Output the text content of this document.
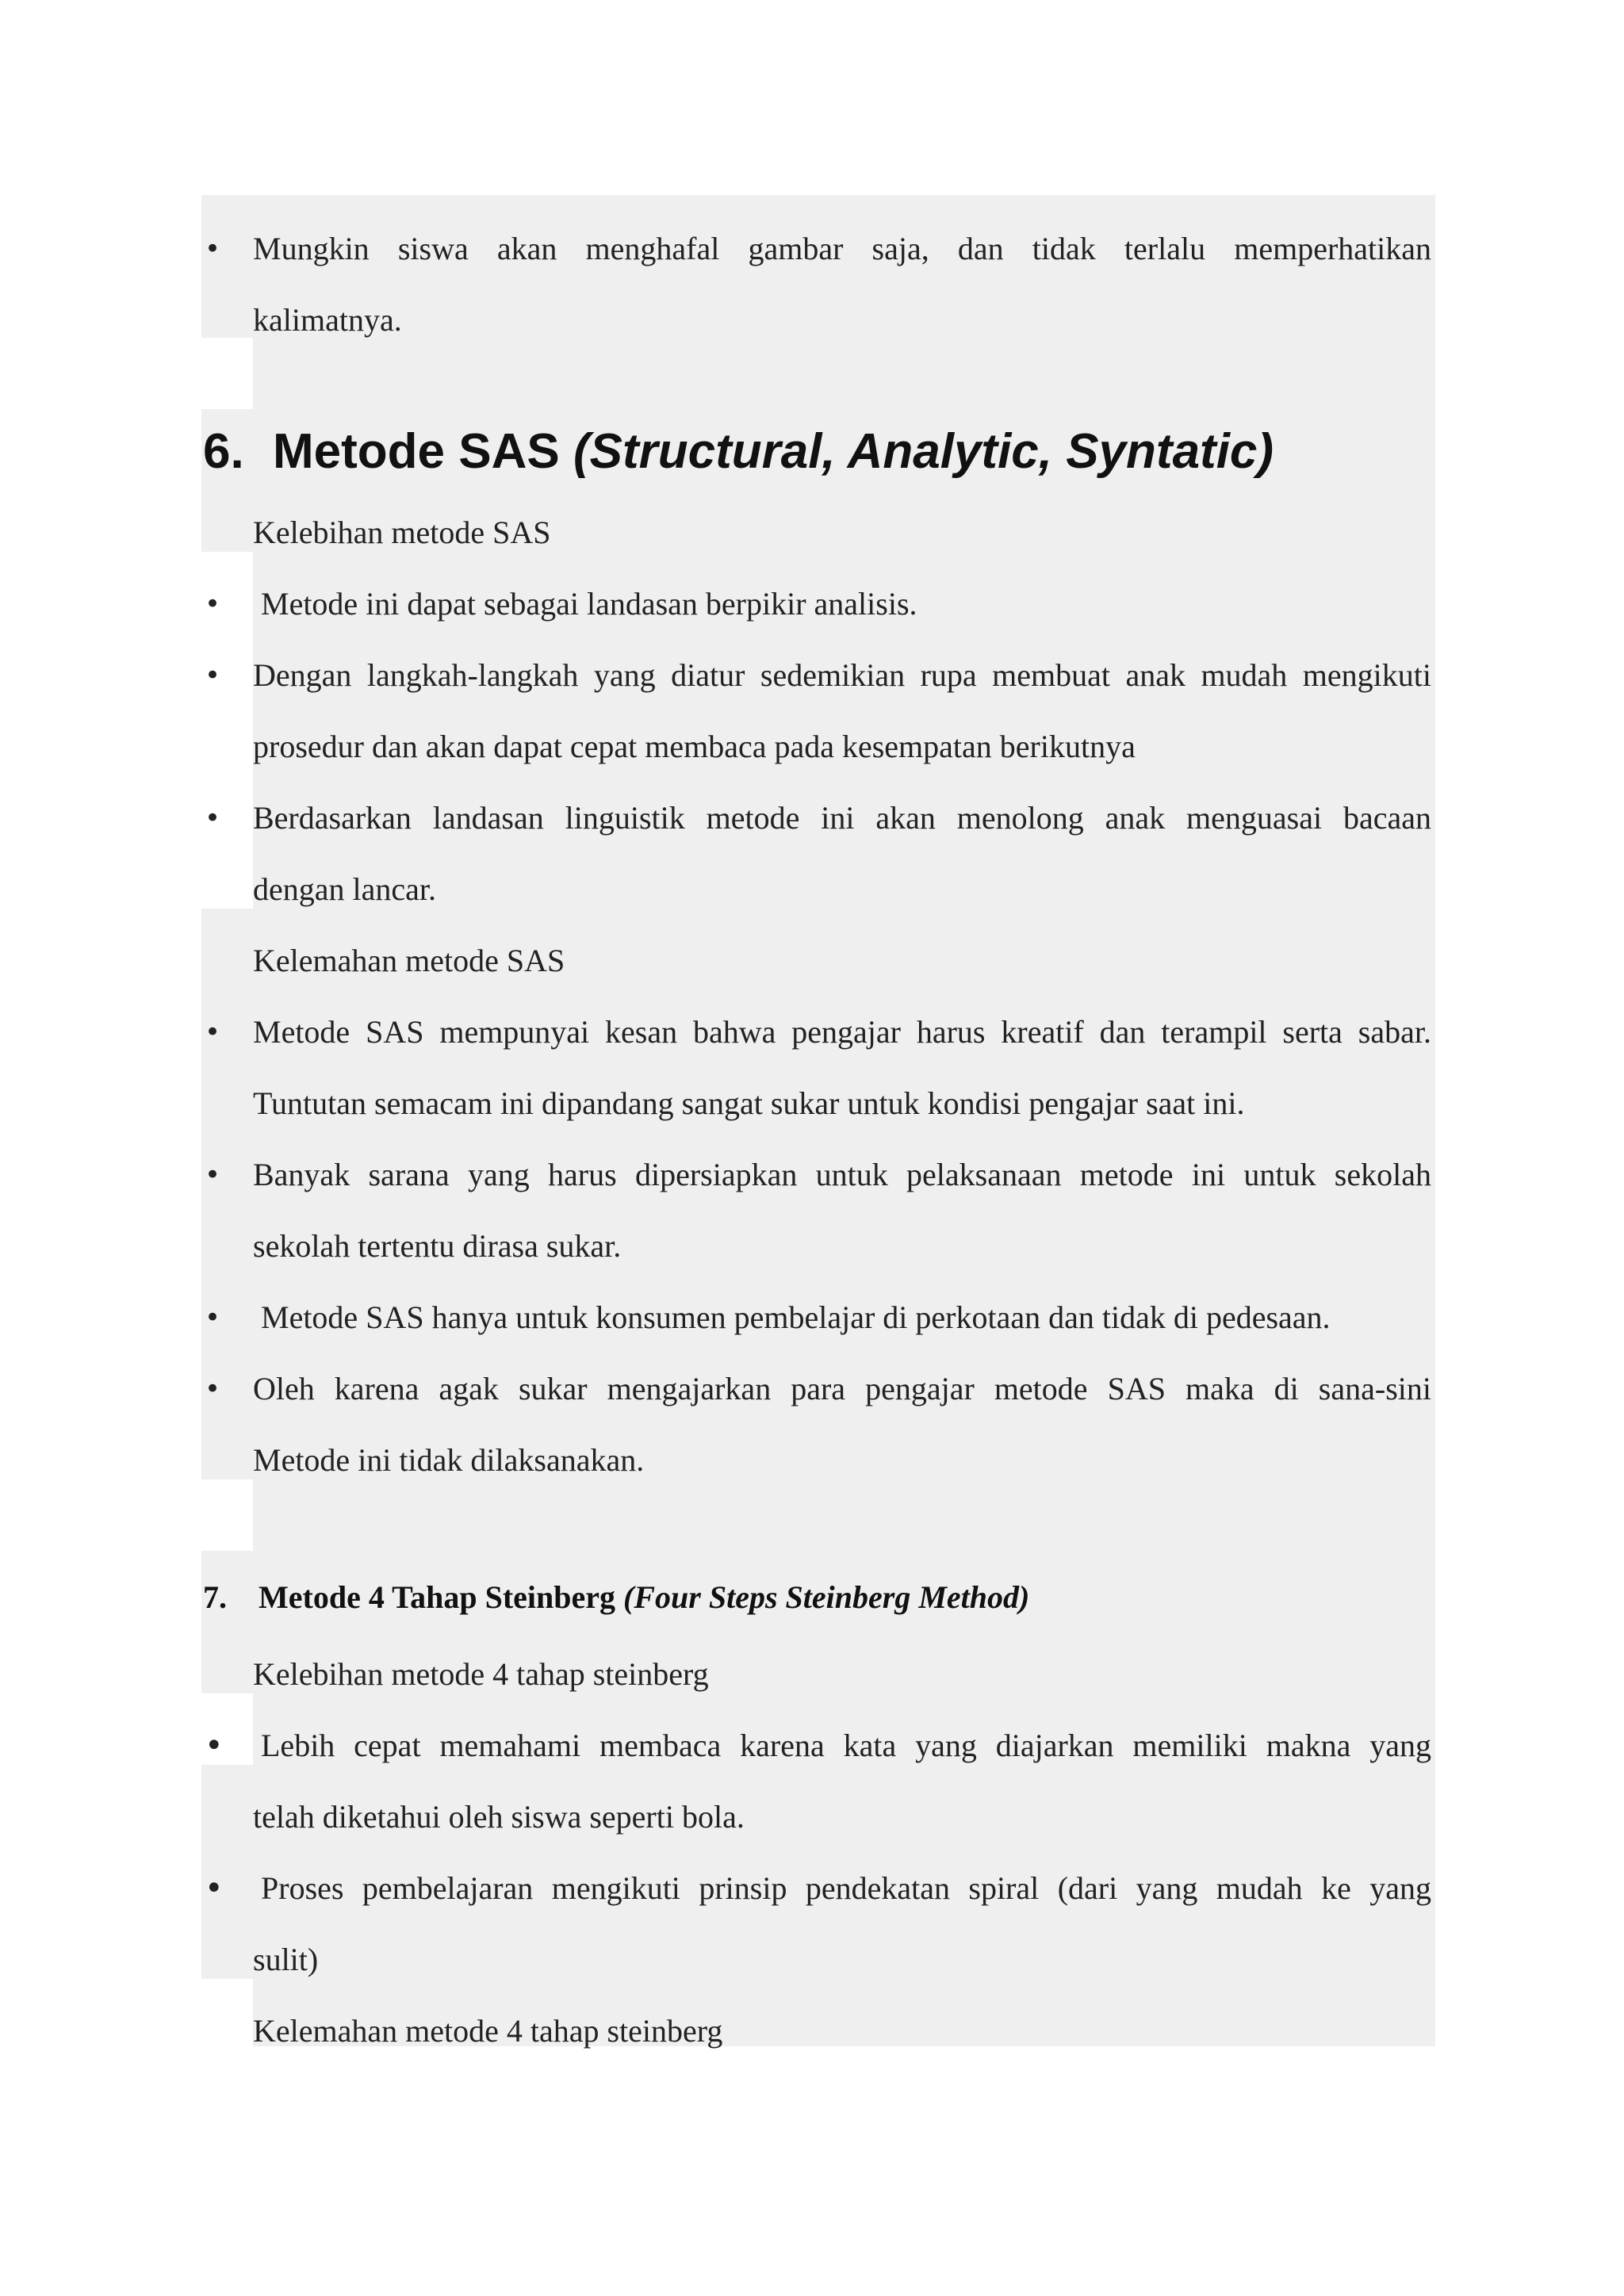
• Mungkin siswa akan menghafal gambar saja, dan tidak terlalu memperhatikan
kalimatnya.
6. Metode SAS (Structural, Analytic, Syntatic)
Kelebihan metode SAS
• Metode ini dapat sebagai landasan berpikir analisis.
• Dengan langkah-langkah yang diatur sedemikian rupa membuat anak mudah mengikuti
prosedur dan akan dapat cepat membaca pada kesempatan berikutnya
• Berdasarkan landasan linguistik metode ini akan menolong anak menguasai bacaan
dengan lancar.
Kelemahan metode SAS
• Metode SAS mempunyai kesan bahwa pengajar harus kreatif dan terampil serta sabar.
Tuntutan semacam ini dipandang sangat sukar untuk kondisi pengajar saat ini.
• Banyak sarana yang harus dipersiapkan untuk pelaksanaan metode ini untuk sekolah
sekolah tertentu dirasa sukar.
• Metode SAS hanya untuk konsumen pembelajar di perkotaan dan tidak di pedesaan.
• Oleh karena agak sukar mengajarkan para pengajar metode SAS maka di sana-sini
Metode ini tidak dilaksanakan.
7. Metode 4 Tahap Steinberg (Four Steps Steinberg Method)
Kelebihan metode 4 tahap steinberg
• Lebih cepat memahami membaca karena kata yang diajarkan memiliki makna yang
telah diketahui oleh siswa seperti bola.
• Proses pembelajaran mengikuti prinsip pendekatan spiral (dari yang mudah ke yang
sulit)
Kelemahan metode 4 tahap steinberg
